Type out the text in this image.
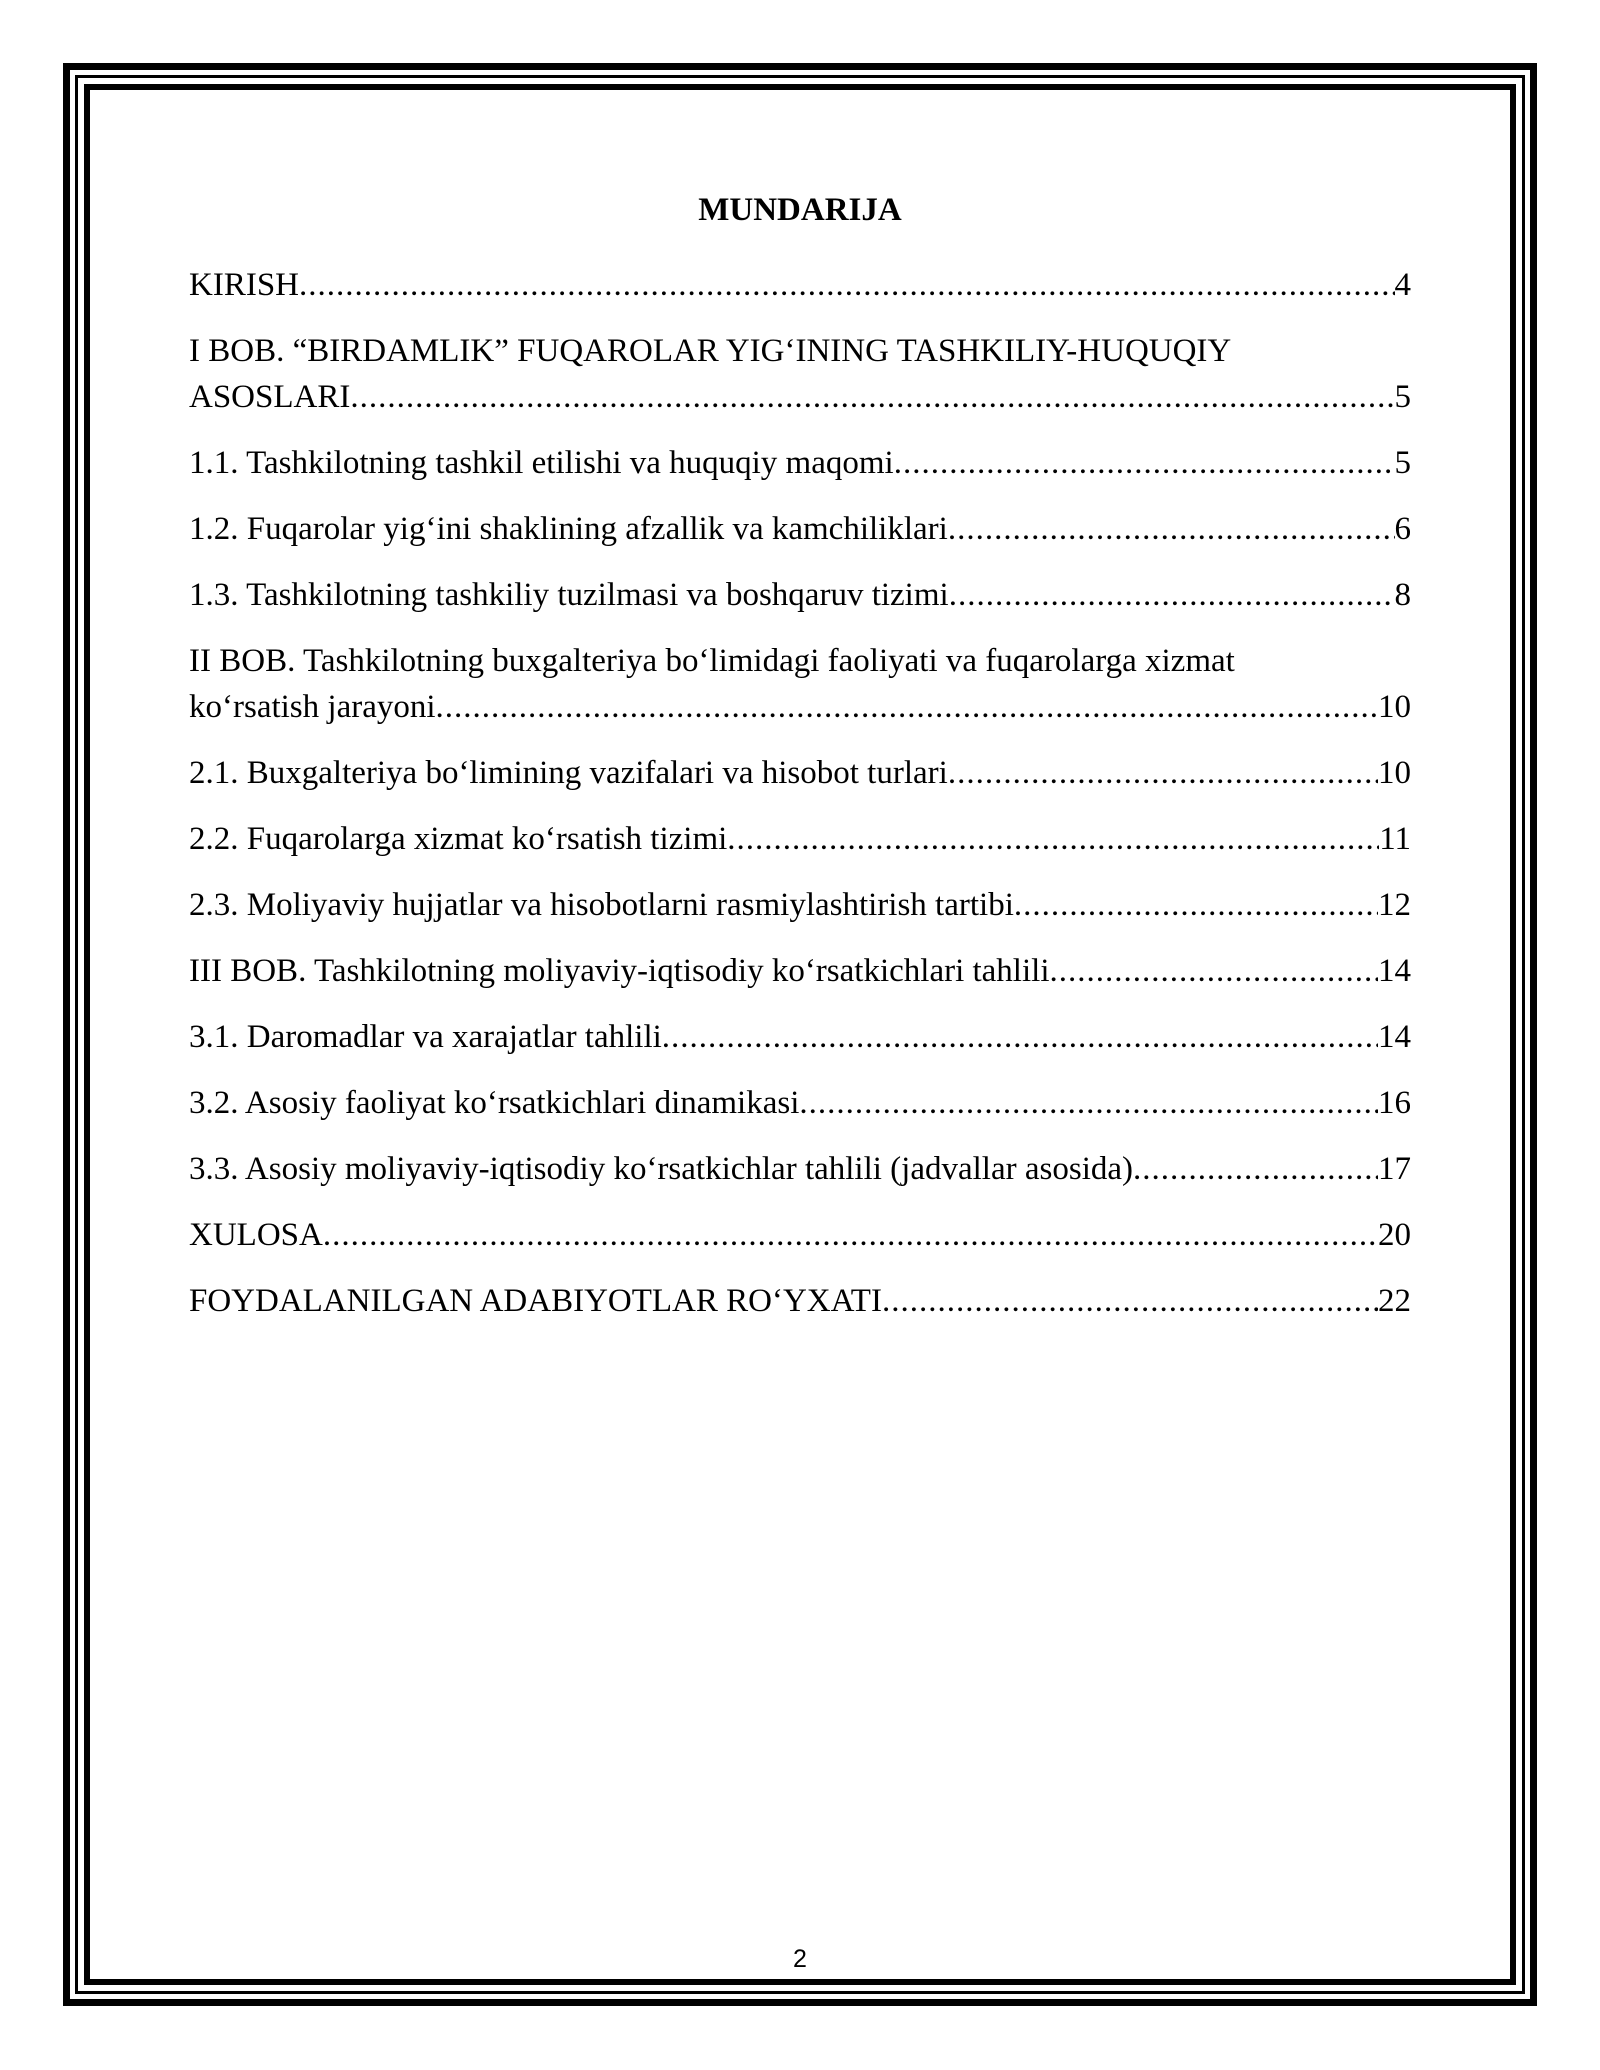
MUNDARIJA
KIRISH .....	4
I BOB. “BIRDAMLIK” FUQAROLAR YIG‘INING TASHKILIY-HUQUQIY
ASOSLARI .....	5
1.1. Tashkilotning tashkil etilishi va huquqiy maqomi .....	5
1.2. Fuqarolar yig‘ini shaklining afzallik va kamchiliklari .....	6
1.3. Tashkilotning tashkiliy tuzilmasi va boshqaruv tizimi .....	8
II BOB. Tashkilotning buxgalteriya bo‘limidagi faoliyati va fuqarolarga xizmat
ko‘rsatish jarayoni .....	10
2.1. Buxgalteriya bo‘limining vazifalari va hisobot turlari .....	10
2.2. Fuqarolarga xizmat ko‘rsatish tizimi .....	11
2.3. Moliyaviy hujjatlar va hisobotlarni rasmiylashtirish tartibi .....	12
III BOB. Tashkilotning moliyaviy-iqtisodiy ko‘rsatkichlari tahlili .....	14
3.1. Daromadlar va xarajatlar tahlili .....	14
3.2. Asosiy faoliyat ko‘rsatkichlari dinamikasi .....	16
3.3. Asosiy moliyaviy-iqtisodiy ko‘rsatkichlar tahlili (jadvallar asosida) .....	17
XULOSA .....	20
FOYDALANILGAN ADABIYOTLAR RO‘YXATI .....	22
2
